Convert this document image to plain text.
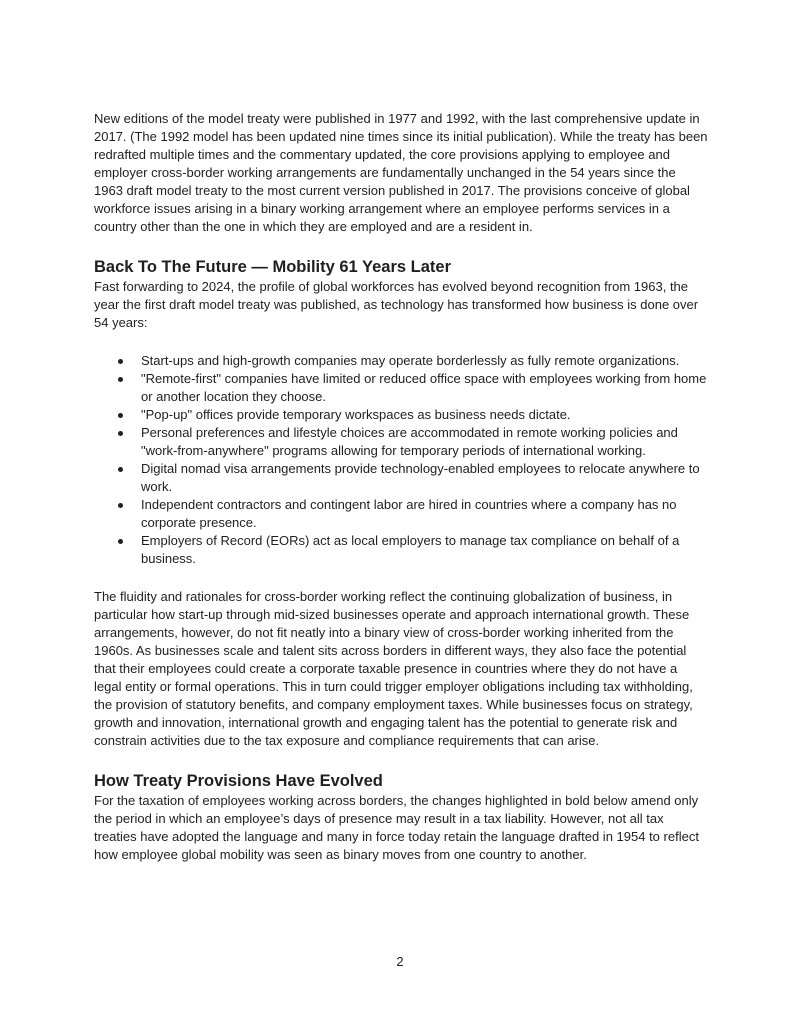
New editions of the model treaty were published in 1977 and 1992, with the last comprehensive update in 2017. (The 1992 model has been updated nine times since its initial publication). While the treaty has been redrafted multiple times and the commentary updated, the core provisions applying to employee and employer cross-border working arrangements are fundamentally unchanged in the 54 years since the 1963 draft model treaty to the most current version published in 2017. The provisions conceive of global workforce issues arising in a binary working arrangement where an employee performs services in a country other than the one in which they are employed and are a resident in.

Back To The Future — Mobility 61 Years Later

Fast forwarding to 2024, the profile of global workforces has evolved beyond recognition from 1963, the year the first draft model treaty was published, as technology has transformed how business is done over 54 years:

Start-ups and high-growth companies may operate borderlessly as fully remote organizations.
"Remote-first" companies have limited or reduced office space with employees working from home or another location they choose.
"Pop-up" offices provide temporary workspaces as business needs dictate.
Personal preferences and lifestyle choices are accommodated in remote working policies and "work-from-anywhere" programs allowing for temporary periods of international working.
Digital nomad visa arrangements provide technology-enabled employees to relocate anywhere to work.
Independent contractors and contingent labor are hired in countries where a company has no corporate presence.
Employers of Record (EORs) act as local employers to manage tax compliance on behalf of a business.

The fluidity and rationales for cross-border working reflect the continuing globalization of business, in particular how start-up through mid-sized businesses operate and approach international growth. These arrangements, however, do not fit neatly into a binary view of cross-border working inherited from the 1960s. As businesses scale and talent sits across borders in different ways, they also face the potential that their employees could create a corporate taxable presence in countries where they do not have a legal entity or formal operations. This in turn could trigger employer obligations including tax withholding, the provision of statutory benefits, and company employment taxes. While businesses focus on strategy, growth and innovation, international growth and engaging talent has the potential to generate risk and constrain activities due to the tax exposure and compliance requirements that can arise.

How Treaty Provisions Have Evolved

For the taxation of employees working across borders, the changes highlighted in bold below amend only the period in which an employee’s days of presence may result in a tax liability. However, not all tax treaties have adopted the language and many in force today retain the language drafted in 1954 to reflect how employee global mobility was seen as binary moves from one country to another.

2
